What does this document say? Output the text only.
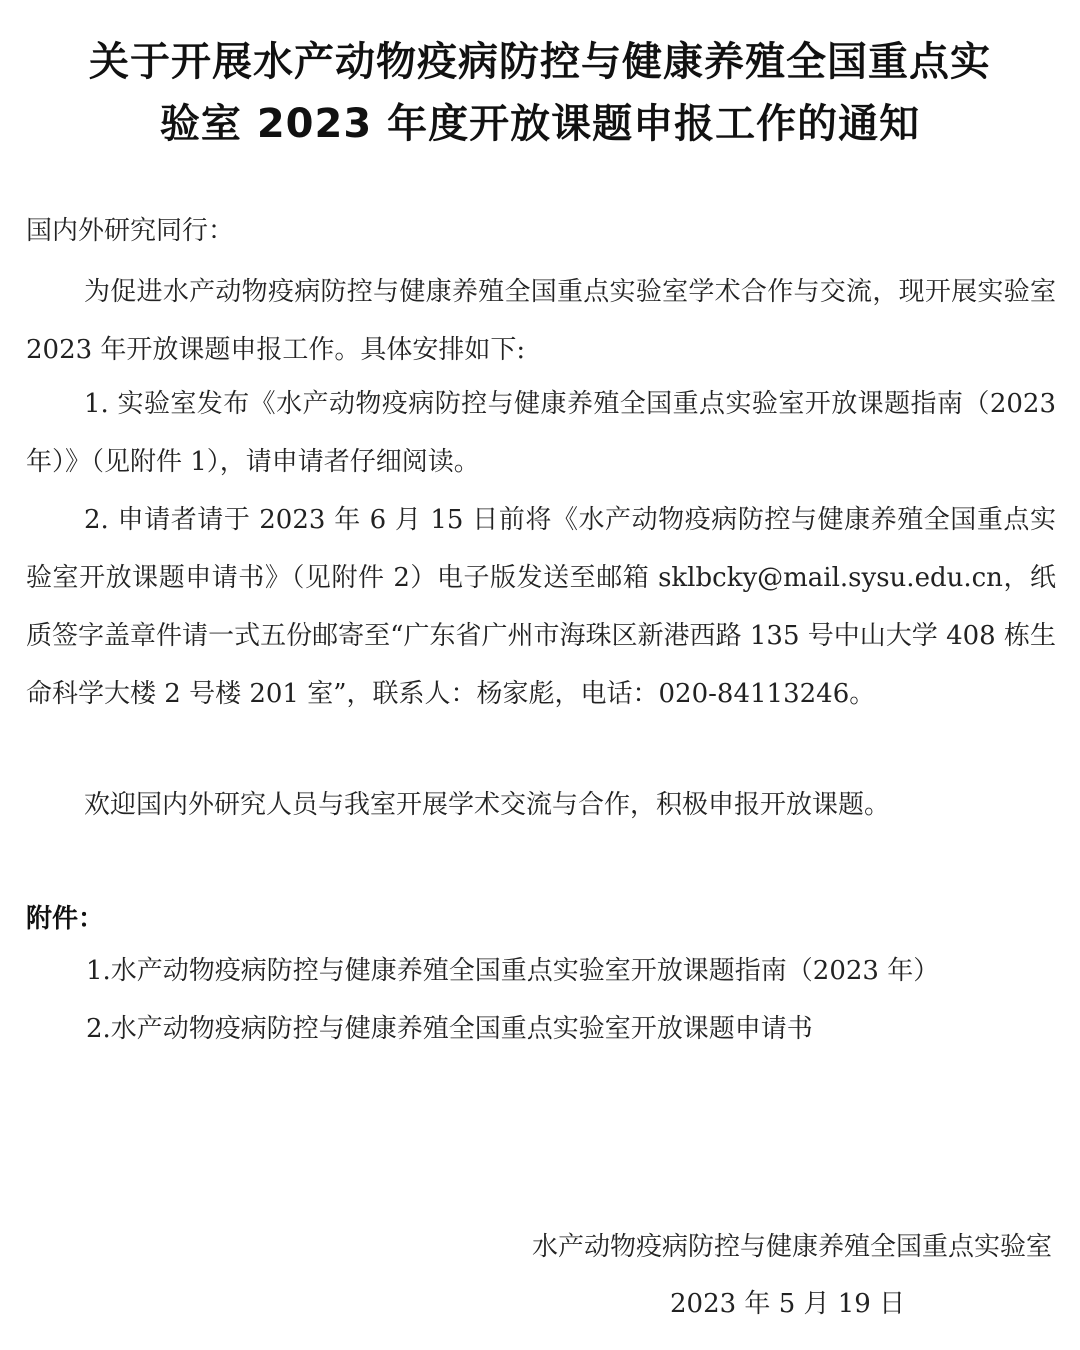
关于开展水产动物疫病防控与健康养殖全国重点实
验室 2023 年度开放课题申报工作的通知
国内外研究同行：

为促进水产动物疫病防控与健康养殖全国重点实验室学术合作与交流，现开展实验室 2023 年开放课题申报工作。具体安排如下:

1. 实验室发布《水产动物疫病防控与健康养殖全国重点实验室开放课题指南（2023 年）》（见附件 1），请申请者仔细阅读。

2. 申请者请于 2023 年 6 月 15 日前将《水产动物疫病防控与健康养殖全国重点实验室开放课题申请书》（见附件 2）电子版发送至邮箱 sklbcky@mail.sysu.edu.cn，纸质签字盖章件请一式五份邮寄至“广东省广州市海珠区新港西路 135 号中山大学 408 栋生命科学大楼 2 号楼 201 室”，联系人：杨家彪，电话：020-84113246。

欢迎国内外研究人员与我室开展学术交流与合作，积极申报开放课题。

附件：
1.水产动物疫病防控与健康养殖全国重点实验室开放课题指南（2023 年）
2.水产动物疫病防控与健康养殖全国重点实验室开放课题申请书
水产动物疫病防控与健康养殖全国重点实验室
2023 年 5 月 19 日
